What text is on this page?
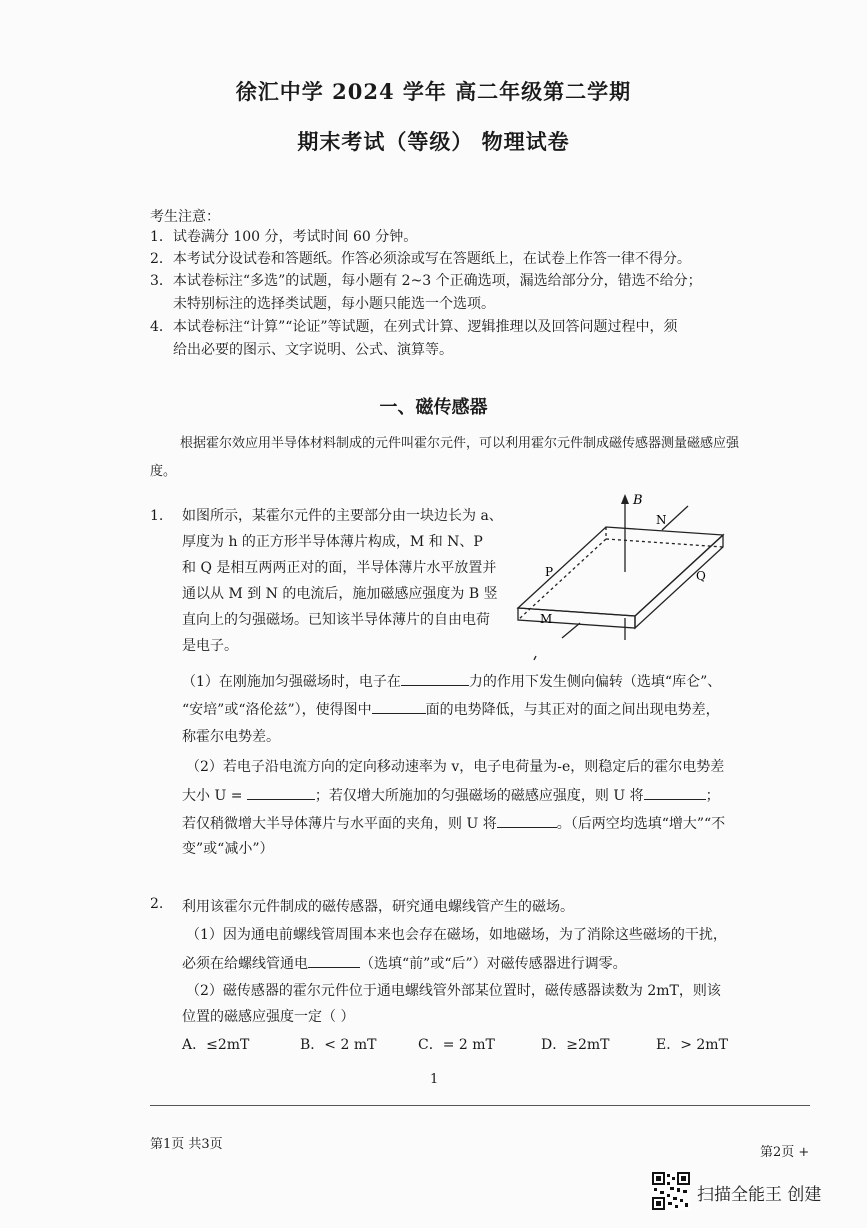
徐汇中学 2024 学年 高二年级第二学期
期末考试（等级） 物理试卷
考生注意：
1．试卷满分 100 分，考试时间 60 分钟。
2．本考试分设试卷和答题纸。作答必须涂或写在答题纸上，在试卷上作答一律不得分。
3．本试卷标注“多选”的试题，每小题有 2~3 个正确选项，漏选给部分分，错选不给分；
未特别标注的选择类试题，每小题只能选一个选项。
4．本试卷标注“计算”“论证”等试题，在列式计算、逻辑推理以及回答问题过程中，须
给出必要的图示、文字说明、公式、演算等。
一、磁传感器
根据霍尔效应用半导体材料制成的元件叫霍尔元件，可以利用霍尔元件制成磁传感器测量磁感应强度。
1. 如图所示，某霍尔元件的主要部分由一块边长为 a、
厚度为 h 的正方形半导体薄片构成，M 和 N、P
和 Q 是相互两两正对的面，半导体薄片水平放置并
通以从 M 到 N 的电流后，施加磁感应强度为 B 竖
直向上的匀强磁场。已知该半导体薄片的自由电荷
是电子。
B
N
P	Q
M
（1）在刚施加匀强磁场时，电子在	力的作用下发生侧向偏转（选填“库仑”、
“安培”或“洛伦兹”），使得图中	面的电势降低，与其正对的面之间出现电势差，
称霍尔电势差。
（2）若电子沿电流方向的定向移动速率为 v，电子电荷量为-e，则稳定后的霍尔电势差
大小 U =	；若仅增大所施加的匀强磁场的磁感应强度，则 U 将	；
若仅稍微增大半导体薄片与水平面的夹角，则 U 将	。（后两空均选填“增大”“不
变”或“减小”）
2. 利用该霍尔元件制成的磁传感器，研究通电螺线管产生的磁场。
（1）因为通电前螺线管周围本来也会存在磁场，如地磁场，为了消除这些磁场的干扰，
必须在给螺线管通电	（选填“前”或“后”）对磁传感器进行调零。
（2）磁传感器的霍尔元件位于通电螺线管外部某位置时，磁传感器读数为 2mT，则该
位置的磁感应强度一定（ ）
A．≤2mT	B．< 2 mT	C．= 2 mT	D．≥2mT	E．> 2mT
1
第1页 共3页
第2页 +
扫描全能王 创建
